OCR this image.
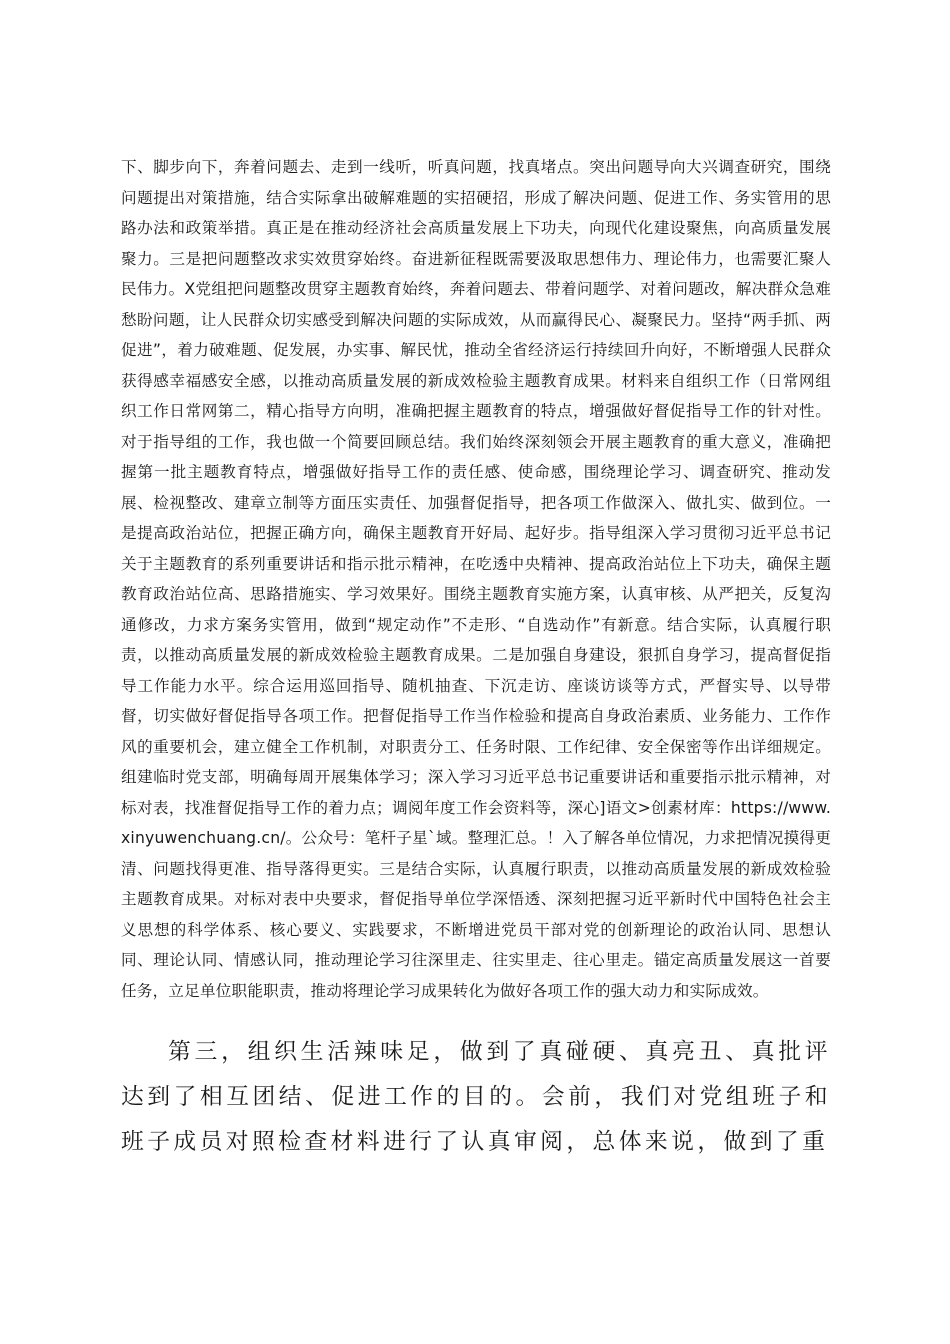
下、脚步向下，奔着问题去、走到一线听，听真问题，找真堵点。突出问题导向大兴调查研究，围绕问题提出对策措施，结合实际拿出破解难题的实招硬招，形成了解决问题、促进工作、务实管用的思路办法和政策举措。真正是在推动经济社会高质量发展上下功夫，向现代化建设聚焦，向高质量发展聚力。三是把问题整改求实效贯穿始终。奋进新征程既需要汲取思想伟力、理论伟力，也需要汇聚人民伟力。X党组把问题整改贯穿主题教育始终，奔着问题去、带着问题学、对着问题改，解决群众急难愁盼问题，让人民群众切实感受到解决问题的实际成效，从而赢得民心、凝聚民力。坚持“两手抓、两促进”，着力破难题、促发展，办实事、解民忧，推动全省经济运行持续回升向好，不断增强人民群众获得感幸福感安全感，以推动高质量发展的新成效检验主题教育成果。材料来自组织工作（日常网组织工作日常网第二，精心指导方向明，准确把握主题教育的特点，增强做好督促指导工作的针对性。对于指导组的工作，我也做一个简要回顾总结。我们始终深刻领会开展主题教育的重大意义，准确把握第一批主题教育特点，增强做好指导工作的责任感、使命感，围绕理论学习、调查研究、推动发展、检视整改、建章立制等方面压实责任、加强督促指导，把各项工作做深入、做扎实、做到位。一是提高政治站位，把握正确方向，确保主题教育开好局、起好步。指导组深入学习贯彻习近平总书记关于主题教育的系列重要讲话和指示批示精神，在吃透中央精神、提高政治站位上下功夫，确保主题教育政治站位高、思路措施实、学习效果好。围绕主题教育实施方案，认真审核、从严把关，反复沟通修改，力求方案务实管用，做到“规定动作”不走形、“自选动作”有新意。结合实际，认真履行职责，以推动高质量发展的新成效检验主题教育成果。二是加强自身建设，狠抓自身学习，提高督促指导工作能力水平。综合运用巡回指导、随机抽查、下沉走访、座谈访谈等方式，严督实导、以导带督，切实做好督促指导各项工作。把督促指导工作当作检验和提高自身政治素质、业务能力、工作作风的重要机会，建立健全工作机制，对职责分工、任务时限、工作纪律、安全保密等作出详细规定。组建临时党支部，明确每周开展集体学习；深入学习习近平总书记重要讲话和重要指示批示精神，对标对表，找准督促指导工作的着力点；调阅年度工作会资料等，深心]语文>创素材库：https://www.xinyuwenchuang.cn/。公众号：笔杆子星`域。整理汇总。！入了解各单位情况，力求把情况摸得更清、问题找得更准、指导落得更实。三是结合实际，认真履行职责，以推动高质量发展的新成效检验主题教育成果。对标对表中央要求，督促指导单位学深悟透、深刻把握习近平新时代中国特色社会主义思想的科学体系、核心要义、实践要求，不断增进党员干部对党的创新理论的政治认同、思想认同、理论认同、情感认同，推动理论学习往深里走、往实里走、往心里走。锚定高质量发展这一首要任务，立足单位职能职责，推动将理论学习成果转化为做好各项工作的强大动力和实际成效。

第三，组织生活辣味足，做到了真碰硬、真亮丑、真批评达到了相互团结、促进工作的目的。会前，我们对党组班子和班子成员对照检查材料进行了认真审阅，总体来说，做到了重
